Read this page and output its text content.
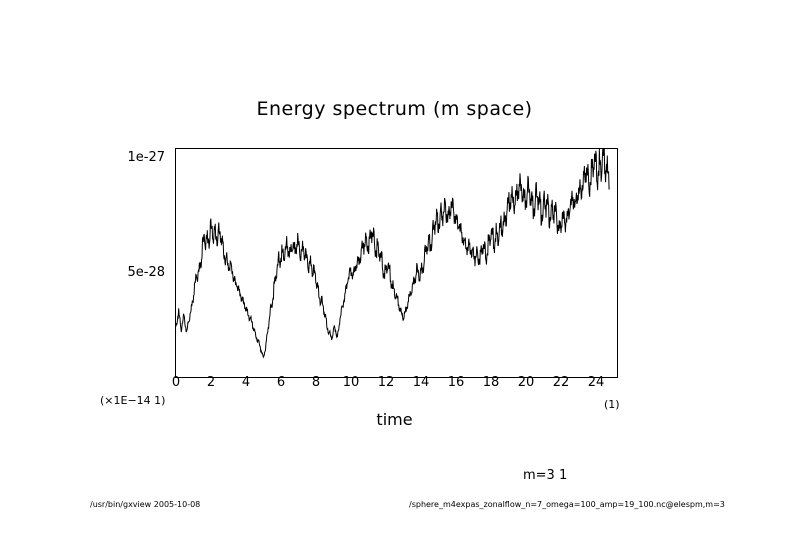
Energy spectrum (m space)
1e-27
5e-28
0	2	4	6	8	10	12	14	16	18	20	22	24
(×1E−14 1)	(1)
time
m=3 1
/usr/bin/gxview 2005-10-08	/sphere_m4expas_zonalflow_n=7_omega=100_amp=19_100.nc@elespm,m=3
